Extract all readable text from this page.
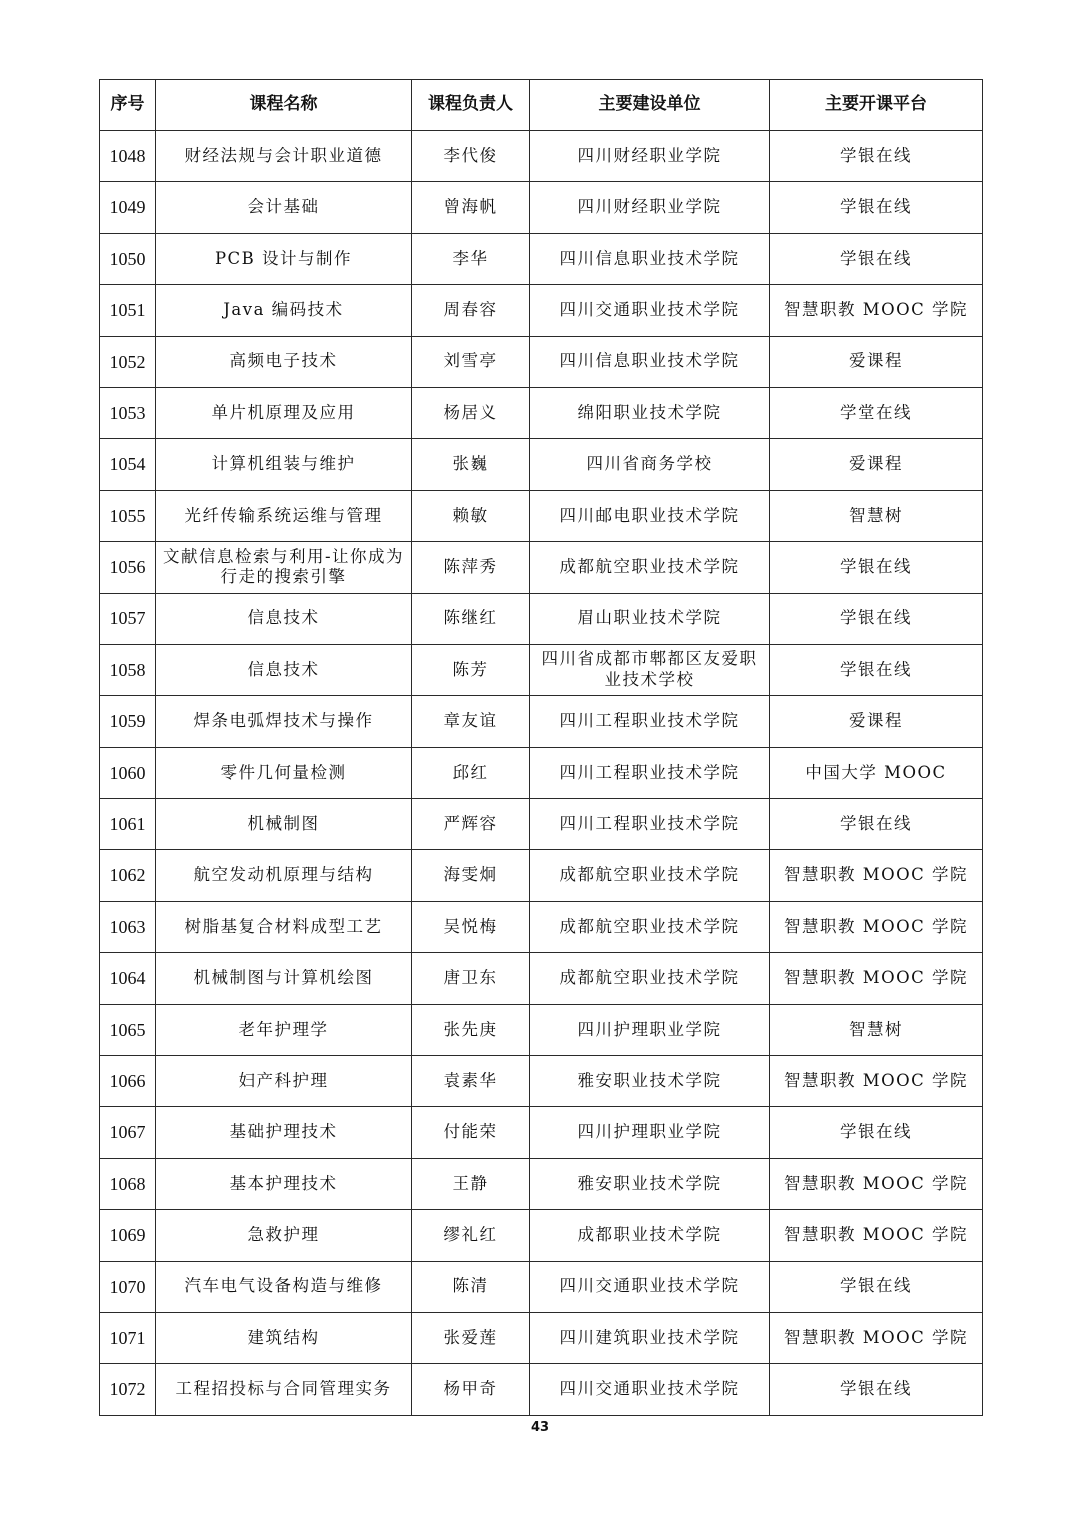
序号	课程名称	课程负责人	主要建设单位	主要开课平台
1048	财经法规与会计职业道德	李代俊	四川财经职业学院	学银在线
1049	会计基础	曾海帆	四川财经职业学院	学银在线
1050	PCB 设计与制作	李华	四川信息职业技术学院	学银在线
1051	Java 编码技术	周春容	四川交通职业技术学院	智慧职教 MOOC 学院
1052	高频电子技术	刘雪亭	四川信息职业技术学院	爱课程
1053	单片机原理及应用	杨居义	绵阳职业技术学院	学堂在线
1054	计算机组装与维护	张巍	四川省商务学校	爱课程
1055	光纤传输系统运维与管理	赖敏	四川邮电职业技术学院	智慧树
1056	文献信息检索与利用-让你成为行走的搜索引擎	陈萍秀	成都航空职业技术学院	学银在线
1057	信息技术	陈继红	眉山职业技术学院	学银在线
1058	信息技术	陈芳	四川省成都市郫都区友爱职业技术学校	学银在线
1059	焊条电弧焊技术与操作	章友谊	四川工程职业技术学院	爱课程
1060	零件几何量检测	邱红	四川工程职业技术学院	中国大学 MOOC
1061	机械制图	严辉容	四川工程职业技术学院	学银在线
1062	航空发动机原理与结构	海雯炯	成都航空职业技术学院	智慧职教 MOOC 学院
1063	树脂基复合材料成型工艺	吴悦梅	成都航空职业技术学院	智慧职教 MOOC 学院
1064	机械制图与计算机绘图	唐卫东	成都航空职业技术学院	智慧职教 MOOC 学院
1065	老年护理学	张先庚	四川护理职业学院	智慧树
1066	妇产科护理	袁素华	雅安职业技术学院	智慧职教 MOOC 学院
1067	基础护理技术	付能荣	四川护理职业学院	学银在线
1068	基本护理技术	王静	雅安职业技术学院	智慧职教 MOOC 学院
1069	急救护理	缪礼红	成都职业技术学院	智慧职教 MOOC 学院
1070	汽车电气设备构造与维修	陈清	四川交通职业技术学院	学银在线
1071	建筑结构	张爱莲	四川建筑职业技术学院	智慧职教 MOOC 学院
1072	工程招投标与合同管理实务	杨甲奇	四川交通职业技术学院	学银在线
43
